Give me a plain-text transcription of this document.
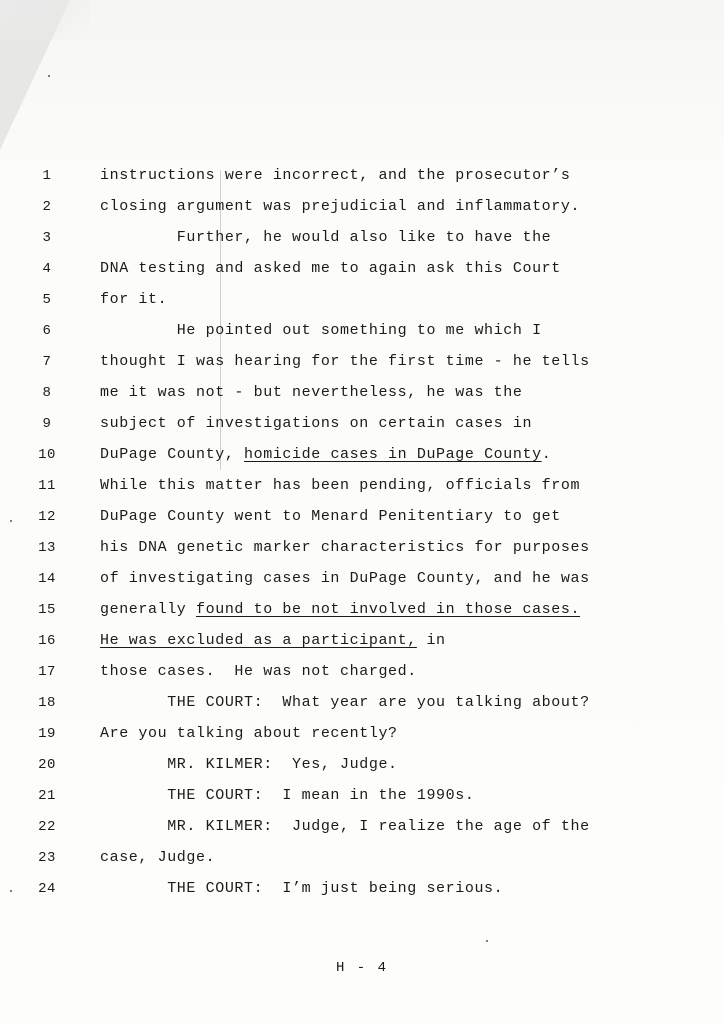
1	instructions were incorrect, and the prosecutor’s
2	closing argument was prejudicial and inflammatory.
3	Further, he would also like to have the
4	DNA testing and asked me to again ask this Court
5	for it.
6	He pointed out something to me which I
7	thought I was hearing for the first time - he tells
8	me it was not - but nevertheless, he was the
9	subject of investigations on certain cases in
10	DuPage County, homicide cases in DuPage County.
11	While this matter has been pending, officials from
12	DuPage County went to Menard Penitentiary to get
13	his DNA genetic marker characteristics for purposes
14	of investigating cases in DuPage County, and he was
15	generally found to be not involved in those cases.
16	He was excluded as a participant, in
17	those cases.  He was not charged.
18	THE COURT:  What year are you talking about?
19	Are you talking about recently?
20	MR. KILMER:  Yes, Judge.
21	THE COURT:  I mean in the 1990s.
22	MR. KILMER:  Judge, I realize the age of the
23	case, Judge.
24	THE COURT:  I’m just being serious.
H - 4
